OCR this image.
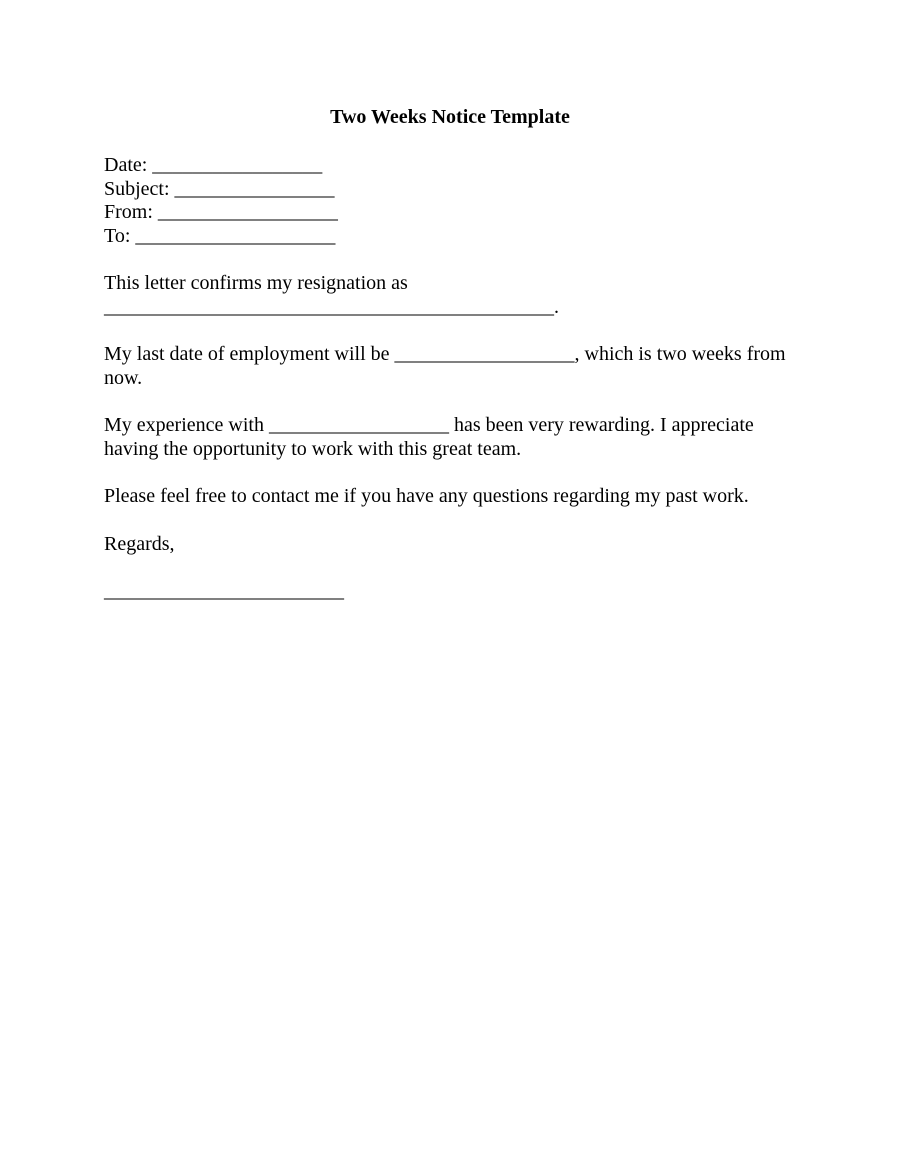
Two Weeks Notice Template
Date: _________________
Subject: ________________
From: __________________
To: ____________________
This letter confirms my resignation as
_____________________________________________.
My last date of employment will be __________________, which is two weeks from
now.
My experience with __________________ has been very rewarding. I appreciate
having the opportunity to work with this great team.
Please feel free to contact me if you have any questions regarding my past work.
Regards,
________________________
